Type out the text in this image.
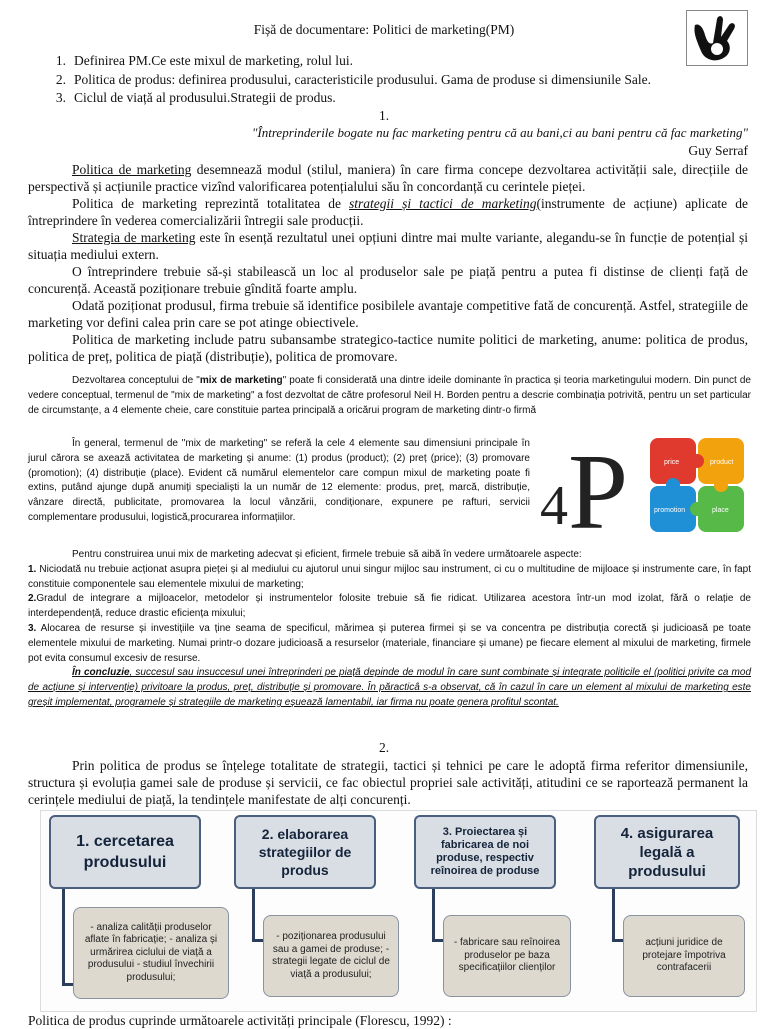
Fișă de documentare: Politici de marketing(PM)
1. Definirea PM.Ce este mixul de marketing, rolul lui.
2. Politica de produs: definirea produsului, caracteristicile produsului. Gama de produse si dimensiunile Sale.
3. Ciclul de viață al produsului.Strategii de produs.
1.
"Întreprinderile bogate nu fac marketing pentru că au bani,ci au bani pentru că fac marketing"
Guy Serraf

Politica de marketing desemnează modul (stilul, maniera) în care firma concepe dezvoltarea activității sale, direcțiile de perspectivă și acțiunile practice vizînd valorificarea potențialului său în concordanță cu cerintele pieței.

Politica de marketing reprezintă totalitatea de strategii și tactici de marketing(instrumente de acțiune) aplicate de întreprindere în vederea comercializării întregii sale producții.

Strategia de marketing este în esență rezultatul unei opțiuni dintre mai multe variante, alegandu-se în funcție de potențial și situația mediului extern.

O întreprindere trebuie să-și stabilească un loc al produselor sale pe piață pentru a putea fi distinse de clienți față de concurență. Această poziționare trebuie gîndită foarte amplu.

Odată poziționat produsul, firma trebuie să identifice posibilele avantaje competitive fată de concurență. Astfel, strategiile de marketing vor defini calea prin care se pot atinge obiectivele.

Politica de marketing include patru subansambe strategico-tactice numite politici de marketing, anume: politica de produs, politica de preț, politica de piață (distribuție), politica de promovare.

Dezvoltarea conceptului de "mix de marketing" poate fi considerată una dintre ideile dominante în practica și teoria marketingului modern. Din punct de vedere conceptual, termenul de "mix de marketing" a fost dezvoltat de către profesorul Neil H. Borden pentru a descrie combinația potrivită, pentru un set particular de circumstanțe, a 4 elemente cheie, care constituie partea principală a oricărui program de marketing dintr-o firmă

În general, termenul de "mix de marketing" se referă la cele 4 elemente sau dimensiuni principale în jurul cărora se axează activitatea de marketing și anume: (1) produs (product); (2) preț (price); (3) promovare (promotion); (4) distribuție (place). Evident că numărul elementelor care compun mixul de marketing poate fi extins, putând ajunge după anumiți specialiști la un număr de 12 elemente: produs, preț, marcă, distribuție, vânzare directă, publicitate, promovarea la locul vânzării, condiționare, expunere pe rafturi, servicii complementare produsului, logistică,procurarea informațiilor.	4 P	price	product
promotion	place

Pentru construirea unui mix de marketing adecvat și eficient, firmele trebuie să aibă în vedere următoarele aspecte:

1. Niciodată nu trebuie acționat asupra pieței și al mediului cu ajutorul unui singur mijloc sau instrument, ci cu o multitudine de mijloace și instrumente care, în fapt constituie componentele sau elementele mixului de marketing;

2.Gradul de integrare a mijloacelor, metodelor și instrumentelor folosite trebuie să fie ridicat. Utilizarea acestora într-un mod izolat, fără o relație de interdependență, reduce drastic eficiența mixului;

3. Alocarea de resurse și investițiile va ține seama de specificul, mărimea și puterea firmei și se va concentra pe distribuția corectă și judicioasă pe toate elementele mixului de marketing. Numai printr-o dozare judicioasă a resurselor (materiale, financiare și umane) pe fiecare element al mixului de marketing, firmele pot evita consumul excesiv de resurse.

În concluzie, succesul sau insuccesul unei întreprinderi pe piață depinde de modul în care sunt combinate și integrate politicile el (politici privite ca mod de acțiune și intervenție) privitoare la produs, preț, distribuție și promovare. În păracticâ s-a observat, că în cazul în care un element al mixului de marketing este greșit implementat, programele și strategiile de marketing eșuează lamentabil, iar firma nu poate genera profitul scontat.

2.

Prin politica de produs se înțelege totalitate de strategii, tactici și tehnici pe care le adoptă firma referitor dimensiunile, structura și evoluția gamei sale de produse și servicii, ce fac obiectul propriei sale activități, atitudini ce se raportează permanent la cerințele mediului de piață, la tendințele manifestate de alți concurenți.

1. cercetarea produsului
2. elaborarea strategiilor de produs
3. Proiectarea și fabricarea de noi produse, respectiv reînoirea de produse
4. asigurarea legală a produsului
- analiza calității produselor aflate în fabricație; - analiza și urmărirea ciclului de viață a produsului - studiul învechirii produsului;
- poziționarea produsului sau a gamei de produse; - strategii legate de ciclul de viață a produsului;
- fabricare sau reînoirea produselor pe baza specificațiilor clienților
acțiuni juridice de protejare împotriva contrafacerii
Politica de produs cuprinde următoarele activități principale (Florescu, 1992) :
